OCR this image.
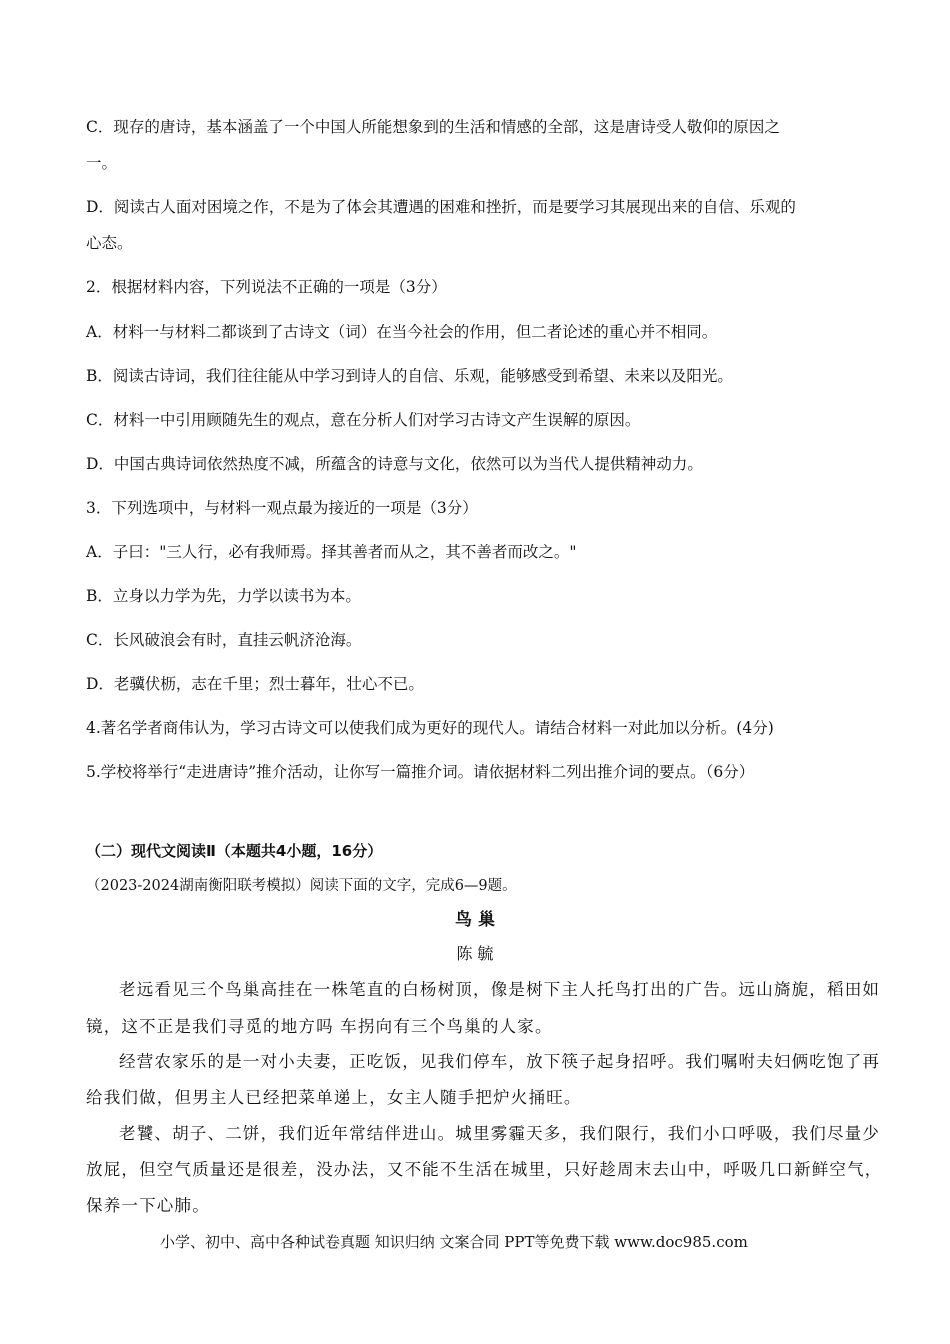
C．现存的唐诗，基本涵盖了一个中国人所能想象到的生活和情感的全部，这是唐诗受人敬仰的原因之
一。
D．阅读古人面对困境之作，不是为了体会其遭遇的困难和挫折，而是要学习其展现出来的自信、乐观的
心态。
2．根据材料内容，下列说法不正确的一项是（3分）
A．材料一与材料二都谈到了古诗文（词）在当今社会的作用，但二者论述的重心并不相同。
B．阅读古诗词，我们往往能从中学习到诗人的自信、乐观，能够感受到希望、未来以及阳光。
C．材料一中引用顾随先生的观点，意在分析人们对学习古诗文产生误解的原因。
D．中国古典诗词依然热度不减，所蕴含的诗意与文化，依然可以为当代人提供精神动力。
3．下列选项中，与材料一观点最为接近的一项是（3分）
A．子曰："三人行，必有我师焉。择其善者而从之，其不善者而改之。"
B．立身以力学为先，力学以读书为本。
C．长风破浪会有时，直挂云帆济沧海。
D．老骥伏枥，志在千里；烈士暮年，壮心不已。
4.著名学者商伟认为，学习古诗文可以使我们成为更好的现代人。请结合材料一对此加以分析。(4分)
5.学校将举行“走进唐诗”推介活动，让你写一篇推介词。请依据材料二列出推介词的要点。（6分）
（二）现代文阅读Ⅱ（本题共4小题，16分）
（2023-2024湖南衡阳联考模拟）阅读下面的文字，完成6—9题。
鸟 巢
陈 毓
老远看见三个鸟巢高挂在一株笔直的白杨树顶，像是树下主人托鸟打出的广告。远山旖旎，稻田如
镜，这不正是我们寻觅的地方吗 车拐向有三个鸟巢的人家。
经营农家乐的是一对小夫妻，正吃饭，见我们停车，放下筷子起身招呼。我们嘱咐夫妇俩吃饱了再
给我们做，但男主人已经把菜单递上，女主人随手把炉火捅旺。
老饕、胡子、二饼，我们近年常结伴进山。城里雾霾天多，我们限行，我们小口呼吸，我们尽量少
放屁，但空气质量还是很差，没办法，又不能不生活在城里，只好趁周末去山中，呼吸几口新鲜空气，
保养一下心肺。
小学、初中、高中各种试卷真题 知识归纳 文案合同 PPT等免费下载 www.doc985.com
